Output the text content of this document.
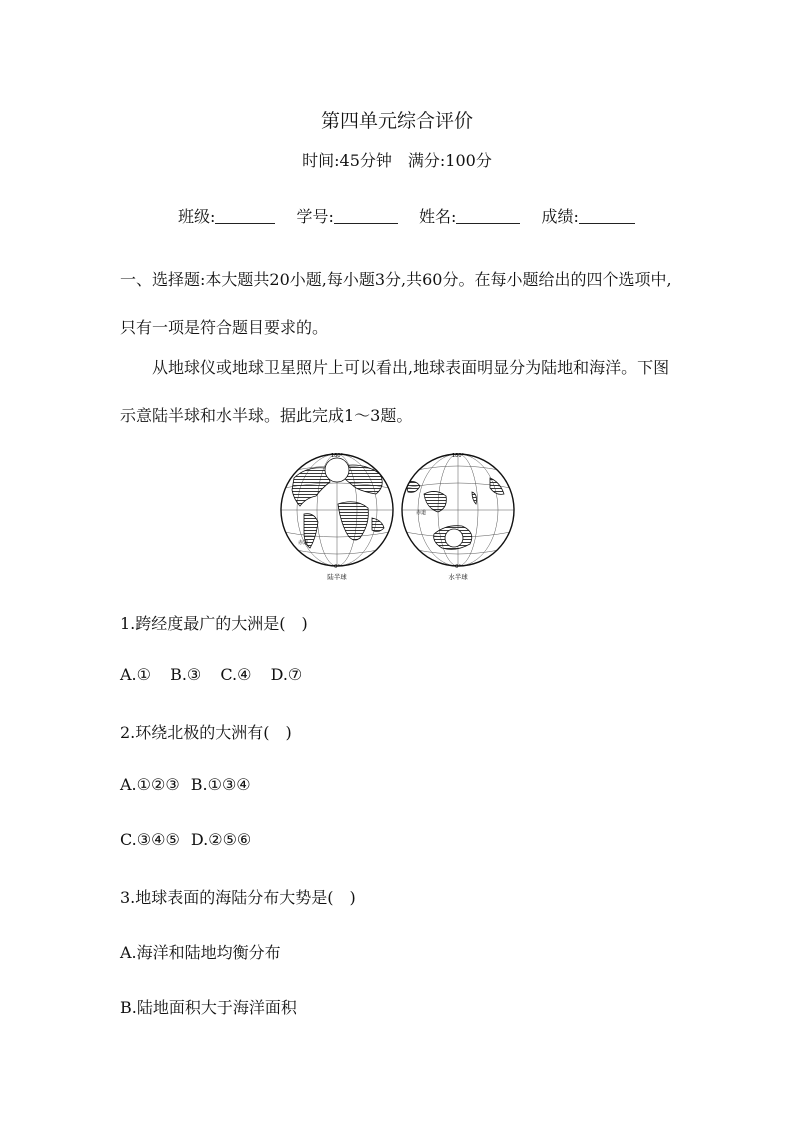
第四单元综合评价
时间:45分钟　满分:100分
班级:	学号:	姓名:	成绩:
一、选择题:本大题共20小题,每小题3分,共60分。在每小题给出的四个选项中,只有一项是符合题目要求的。
从地球仪或地球卫星照片上可以看出,地球表面明显分为陆地和海洋。下图示意陆半球和水半球。据此完成1～3题。
180°
0°
赤道
陆半球
180°
0°
赤道
水半球
1.跨经度最广的大洲是(　)
A.① B.③ C.④ D.⑦
2.环绕北极的大洲有(　)
A.①②③ B.①③④
C.③④⑤ D.②⑤⑥
3.地球表面的海陆分布大势是(　)
A.海洋和陆地均衡分布
B.陆地面积大于海洋面积
